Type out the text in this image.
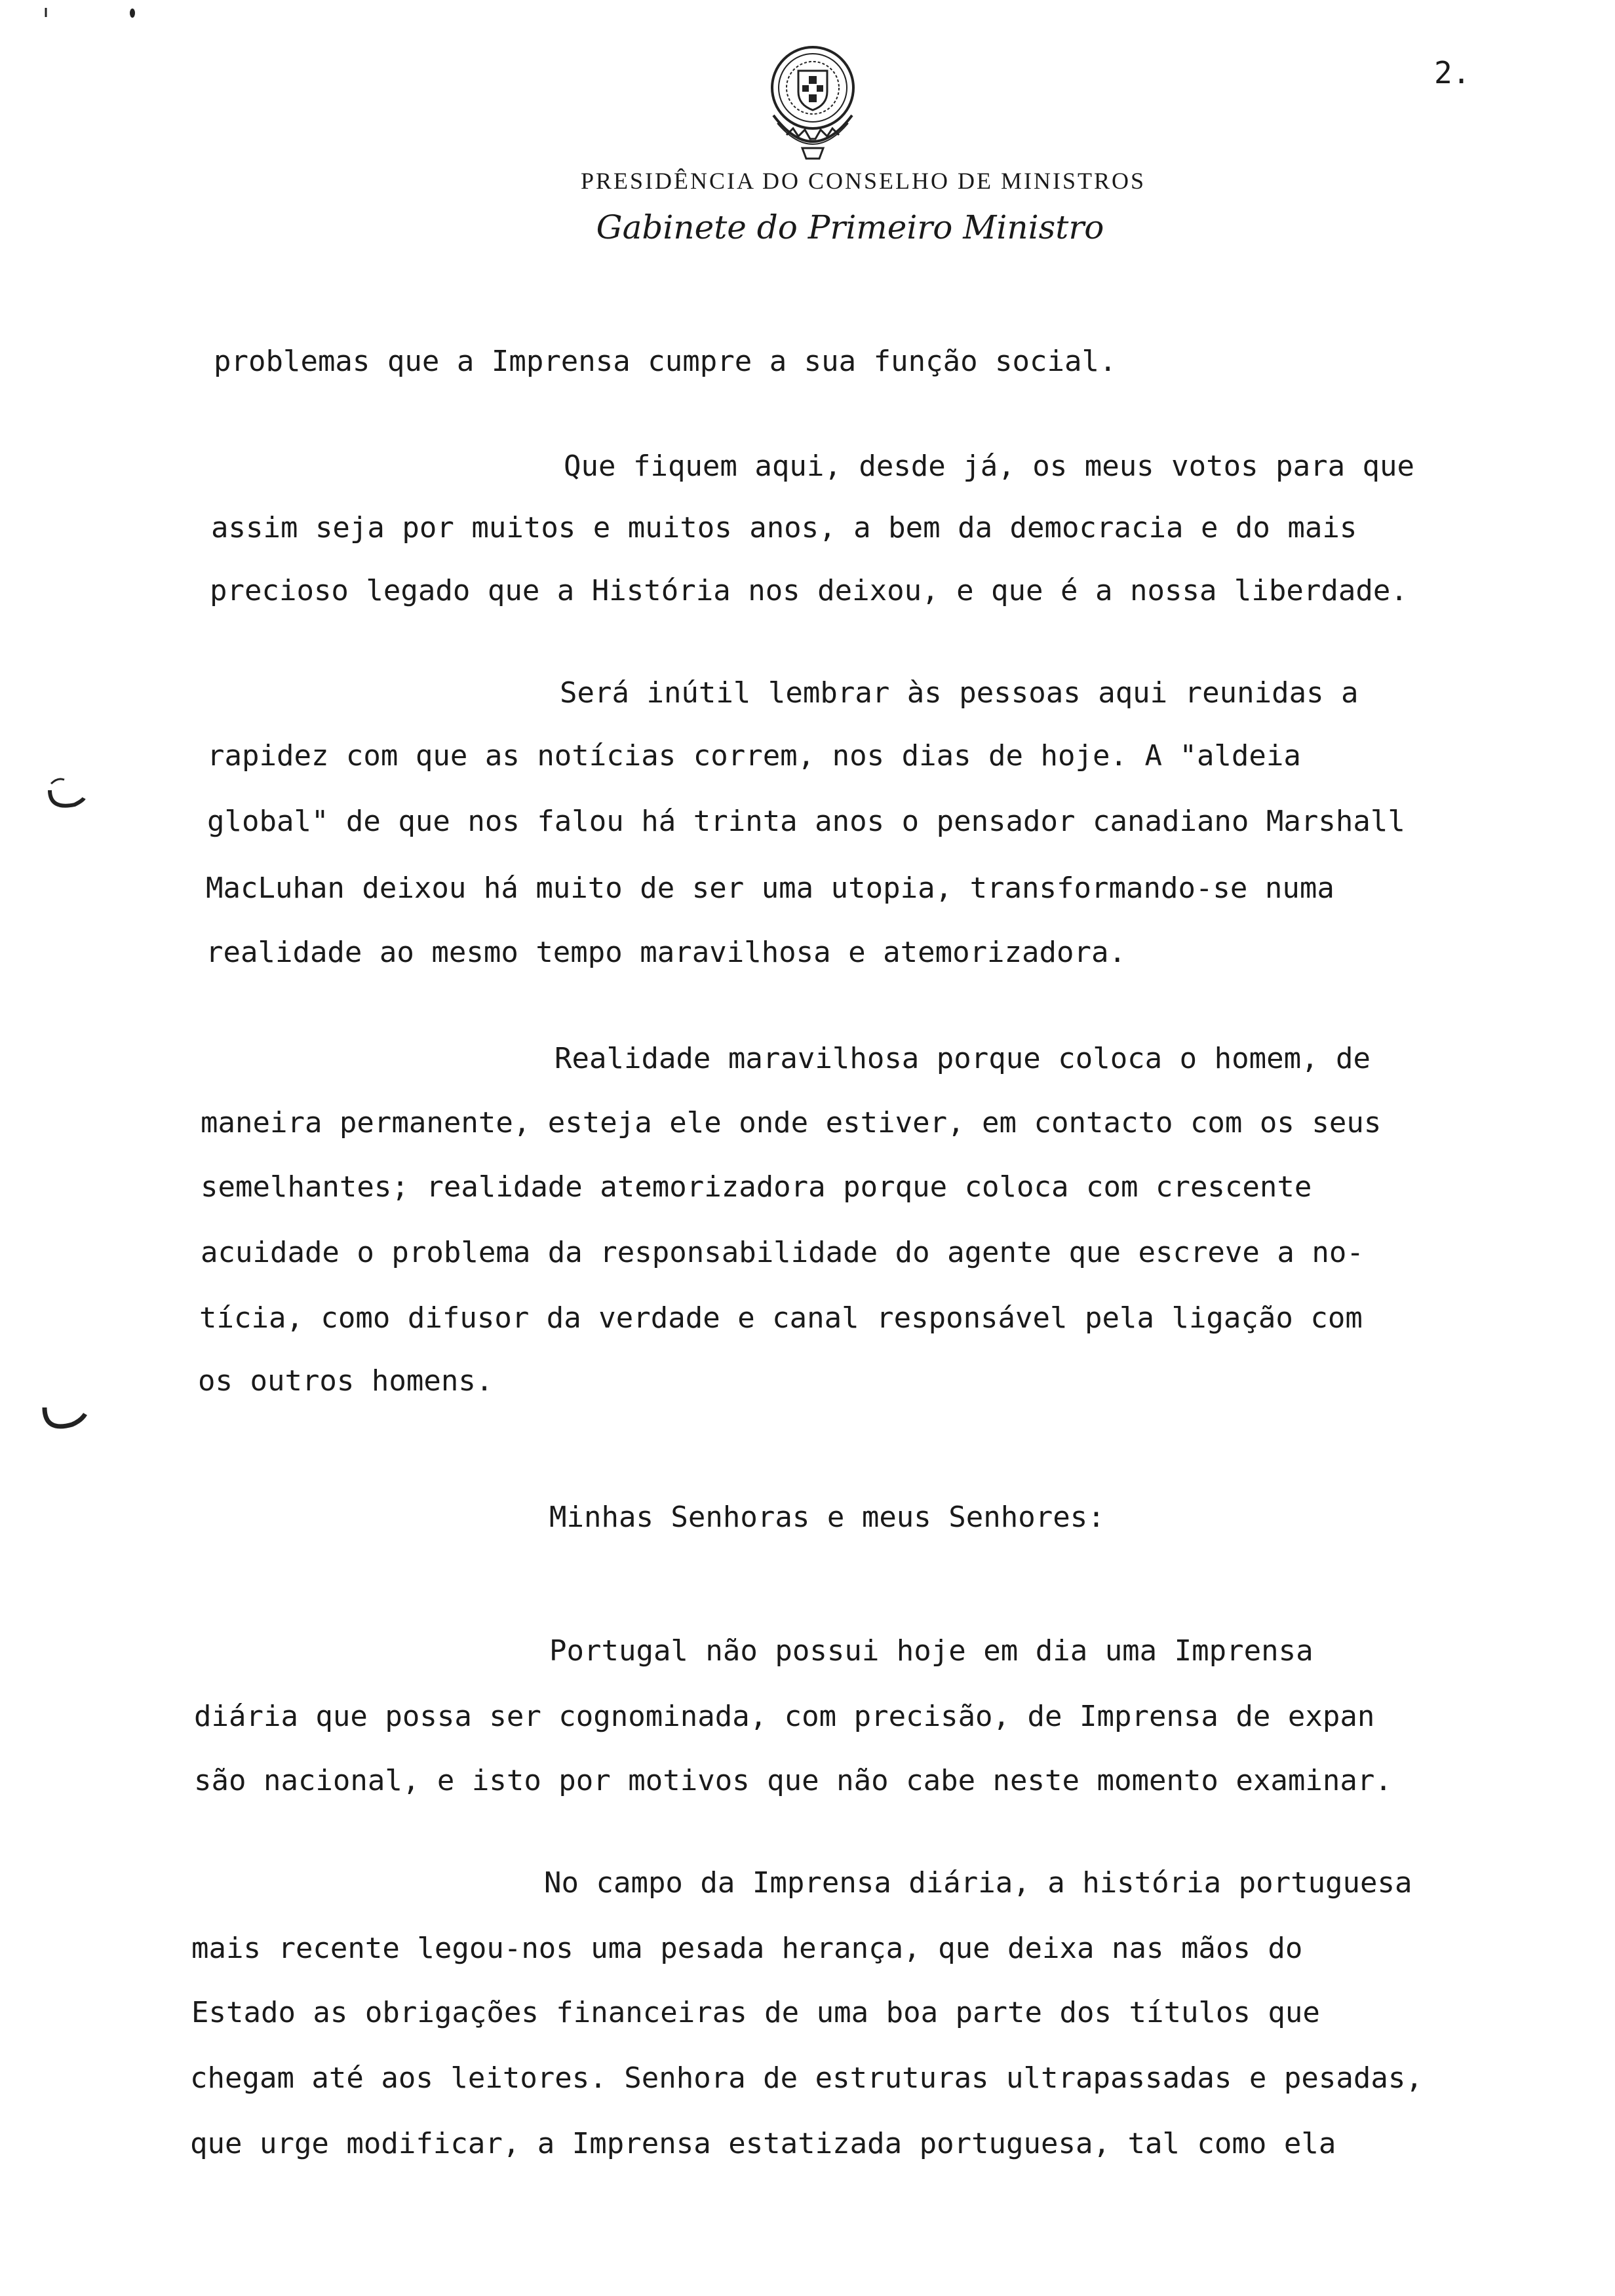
2.
PRESIDÊNCIA DO CONSELHO DE MINISTROS
Gabinete do Primeiro Ministro
problemas que a Imprensa cumpre a sua função social.
Que fiquem aqui, desde já, os meus votos para que
assim seja por muitos e muitos anos, a bem da democracia e do mais
precioso legado que a História nos deixou, e que é a nossa liberdade.
Será inútil lembrar às pessoas aqui reunidas a
rapidez com que as notícias correm, nos dias de hoje. A "aldeia
global" de que nos falou há trinta anos o pensador canadiano Marshall
MacLuhan deixou há muito de ser uma utopia, transformando-se numa
realidade ao mesmo tempo maravilhosa e atemorizadora.
Realidade maravilhosa porque coloca o homem, de
maneira permanente, esteja ele onde estiver, em contacto com os seus
semelhantes; realidade atemorizadora porque coloca com crescente
acuidade o problema da responsabilidade do agente que escreve a no-
tícia, como difusor da verdade e canal responsável pela ligação com
os outros homens.
Minhas Senhoras e meus Senhores:
Portugal não possui hoje em dia uma Imprensa
diária que possa ser cognominada, com precisão, de Imprensa de expan
são nacional, e isto por motivos que não cabe neste momento examinar.
No campo da Imprensa diária, a história portuguesa
mais recente legou-nos uma pesada herança, que deixa nas mãos do
Estado as obrigações financeiras de uma boa parte dos títulos que
chegam até aos leitores. Senhora de estruturas ultrapassadas e pesadas,
que urge modificar, a Imprensa estatizada portuguesa, tal como ela
